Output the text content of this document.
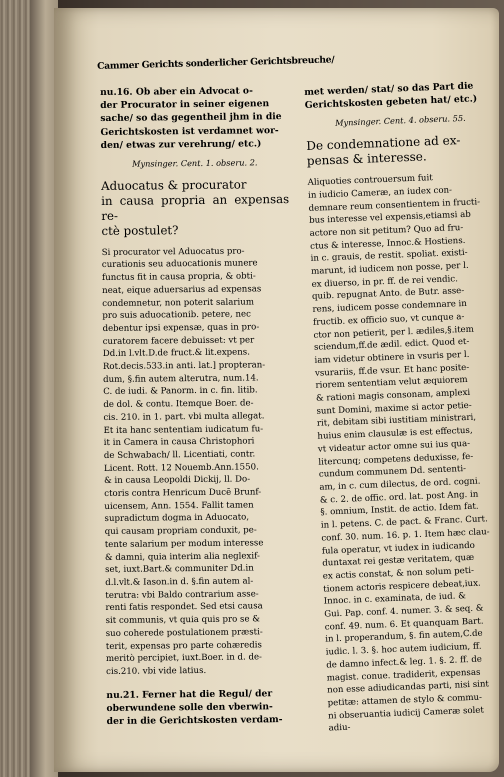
Cammer Gerichts sonderlicher Gerichtsbreuche/
nu.16. Ob aber ein Advocat o-
der Procurator in seiner eigenen
sache/ so das gegentheil jhm in die
Gerichtskosten ist verdamnet wor-
den/ etwas zur verehrung/ etc.)
Mynsinger. Cent. 1. obseru. 2.
Aduocatus & procurator
in causa propria an expensas re-
ctè postulet?
Si procurator vel Aduocatus pro-
curationis seu aduocationis munere
functus fit in causa propria, & obti-
neat, eique aduersarius ad expensas
condemnetur, non poterit salarium
pro suis aduocationib. petere, nec
debentur ipsi expensæ, quas in pro-
curatorem facere debuisset: vt per
Dd.in l.vlt.D.de fruct.& lit.expens.
Rot.decis.533.in anti. lat.] propteran-
dum, §.fin autem alterutra, num.14.
C. de iudi. & Panorm. in c. fin. litib.
de dol. & contu. Itemque Boer. de-
cis. 210. in 1. part. vbi multa allegat.
Et ita hanc sententiam iudicatum fu-
it in Camera in causa Christophori
de Schwabach/ ll. Licentiati, contr.
Licent. Rott. 12 Nouemb.Ann.1550.
& in causa Leopoldi Dickij, ll. Do-
ctoris contra Henricum Ducē Brunf-
uicensem, Ann. 1554. Fallit tamen
supradictum dogma in Aduocato,
qui causam propriam conduxit, pe-
tente salarium per modum interesse
& damni, quia interim alia neglexif-
set, iuxt.Bart.& communiter Dd.in
d.l.vlt.& Iason.in d. §.fin autem al-
terutra: vbi Baldo contrarium asse-
renti fatis respondet. Sed etsi causa
sit communis, vt quia quis pro se &
suo coherede postulationem præsti-
terit, expensas pro parte cohæredis
meritò percipiet, iuxt.Boer. in d. de-
cis.210. vbi vide latius.
nu.21. Ferner hat die Regul/ der
oberwundene solle den vberwin-
der in die Gerichtskosten verdam-
met werden/ stat/ so das Part die
Gerichtskosten gebeten hat/ etc.)
Mynsinger. Cent. 4. obseru. 55.
De condemnatione ad ex-
pensas & interesse.
Aliquoties controuersum fuit
in iudicio Cameræ, an iudex con-
demnare reum consentientem in fructi-
bus interesse vel expensis,etiamsi ab
actore non sit petitum? Quo ad fru-
ctus & interesse, Innoc.& Hostiens.
in c. grauis, de restit. spoliat. existi-
marunt, id iudicem non posse, per l.
ex diuerso, in pr. ff. de rei vendic.
quib. repugnat Anto. de Butr. asse-
rens, iudicem posse condemnare in
fructib. ex officio suo, vt cunque a-
ctor non petierit, per l. ædiles,§.item
sciendum,ff.de ædil. edict. Quod et-
iam videtur obtinere in vsuris per l.
vsurariis, ff.de vsur. Et hanc posite-
riorem sententiam velut æquiorem
& rationi magis consonam, amplexi
sunt Domini, maxime si actor petie-
rit, debitam sibi iustitiam ministrari,
huius enim clausulæ is est effectus,
vt videatur actor omne sui ius qua-
litercunq; competens deduxisse, fe-
cundum communem Dd. sententi-
am, in c. cum dilectus, de ord. cogni.
& c. 2. de offic. ord. lat. post Ang. in
§. omnium, Instit. de actio. Idem fat.
in l. petens. C. de pact. & Franc. Curt.
conf. 30. num. 16. p. 1. Item hæc clau-
fula operatur, vt iudex in iudicando
duntaxat rei gestæ veritatem, quæ
ex actis constat, & non solum peti-
tionem actoris respicere debeat,iux.
Innoc. in c. examinata, de iud. &
Gui. Pap. conf. 4. numer. 3. & seq. &
conf. 49. num. 6. Et quanquam Bart.
in l. properandum, §. fin autem,C.de
iudic. l. 3. §. hoc autem iudicium, ff.
de damno infect.& leg. 1. §. 2. ff. de
magist. conue. tradiderit, expensas
non esse adiudicandas parti, nisi sint
petitæ: attamen de stylo & commu-
ni obseruantia iudicij Cameræ solet
adiu-
